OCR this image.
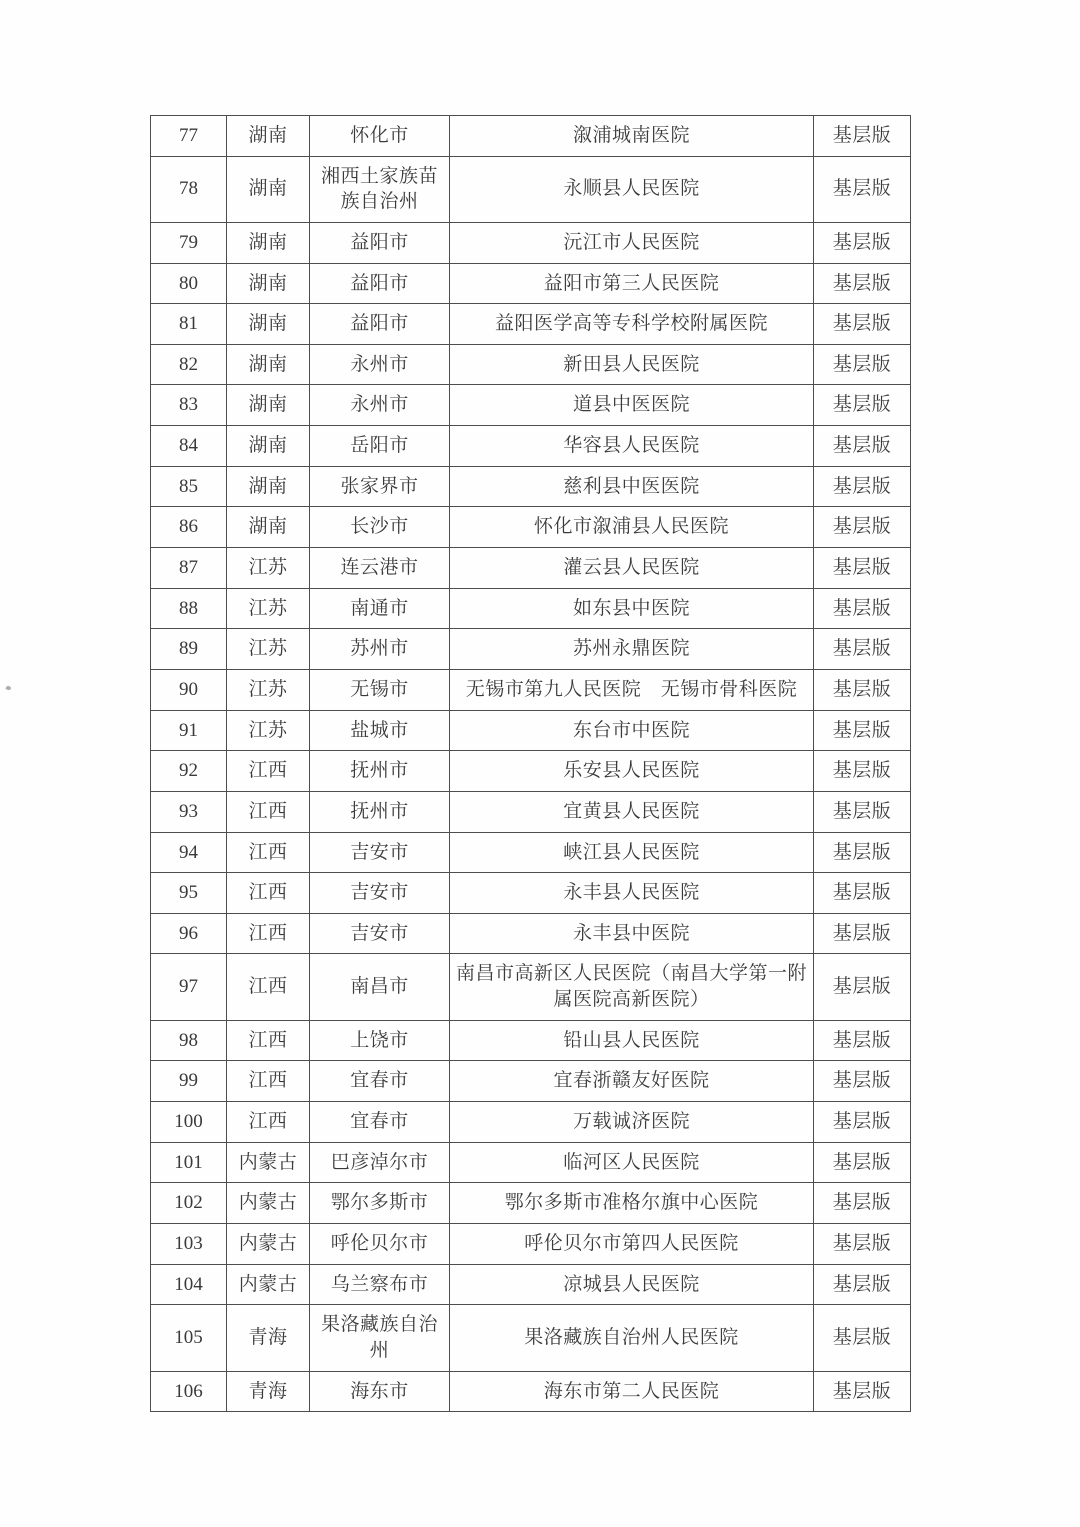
77	湖南	怀化市	溆浦城南医院	基层版
78	湖南	湘西土家族苗族自治州	永顺县人民医院	基层版
79	湖南	益阳市	沅江市人民医院	基层版
80	湖南	益阳市	益阳市第三人民医院	基层版
81	湖南	益阳市	益阳医学高等专科学校附属医院	基层版
82	湖南	永州市	新田县人民医院	基层版
83	湖南	永州市	道县中医医院	基层版
84	湖南	岳阳市	华容县人民医院	基层版
85	湖南	张家界市	慈利县中医医院	基层版
86	湖南	长沙市	怀化市溆浦县人民医院	基层版
87	江苏	连云港市	灌云县人民医院	基层版
88	江苏	南通市	如东县中医院	基层版
89	江苏	苏州市	苏州永鼎医院	基层版
90	江苏	无锡市	无锡市第九人民医院　无锡市骨科医院	基层版
91	江苏	盐城市	东台市中医院	基层版
92	江西	抚州市	乐安县人民医院	基层版
93	江西	抚州市	宜黄县人民医院	基层版
94	江西	吉安市	峡江县人民医院	基层版
95	江西	吉安市	永丰县人民医院	基层版
96	江西	吉安市	永丰县中医院	基层版
97	江西	南昌市	南昌市高新区人民医院（南昌大学第一附属医院高新医院）	基层版
98	江西	上饶市	铅山县人民医院	基层版
99	江西	宜春市	宜春浙赣友好医院	基层版
100	江西	宜春市	万载诚济医院	基层版
101	内蒙古	巴彦淖尔市	临河区人民医院	基层版
102	内蒙古	鄂尔多斯市	鄂尔多斯市准格尔旗中心医院	基层版
103	内蒙古	呼伦贝尔市	呼伦贝尔市第四人民医院	基层版
104	内蒙古	乌兰察布市	凉城县人民医院	基层版
105	青海	果洛藏族自治州	果洛藏族自治州人民医院	基层版
106	青海	海东市	海东市第二人民医院	基层版
